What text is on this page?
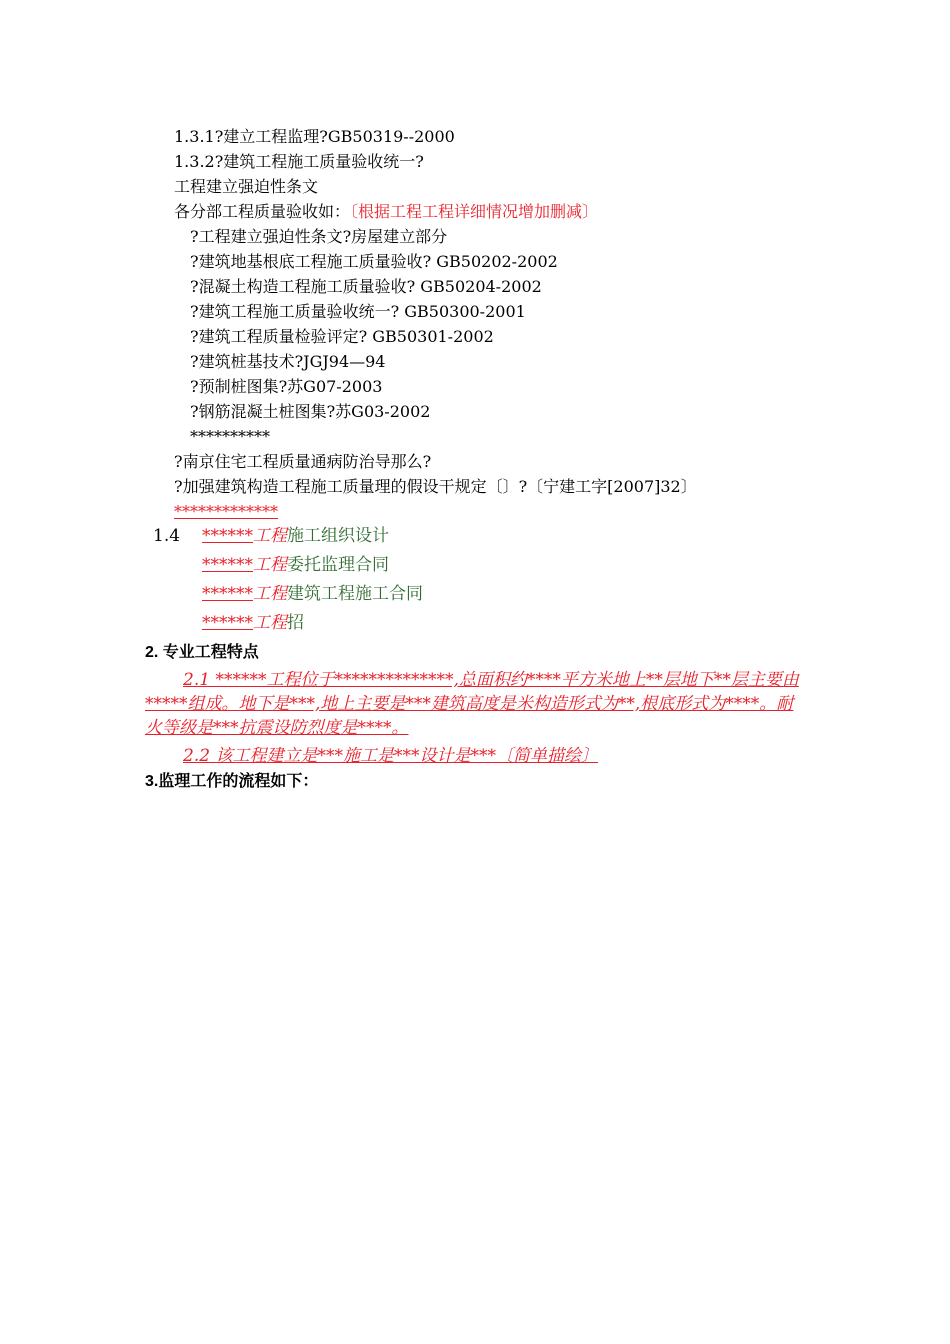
1.3.1?建立工程监理?GB50319--2000
1.3.2?建筑工程施工质量验收统一?
工程建立强迫性条文
各分部工程质量验收如：〔根据工程工程详细情况增加删减〕
?工程建立强迫性条文?房屋建立部分
?建筑地基根底工程施工质量验收? GB50202-2002
?混凝土构造工程施工质量验收? GB50204-2002
?建筑工程施工质量验收统一? GB50300-2001
?建筑工程质量检验评定? GB50301-2002
?建筑桩基技术?JGJ94—94
?预制桩图集?苏G07-2003
?钢筋混凝土桩图集?苏G03-2002
**********
?南京住宅工程质量通病防治导那么?
?加强建筑构造工程施工质量理的假设干规定〔〕?〔宁建工字[2007]32〕
*************
1.4 ******工程施工组织设计
******工程委托监理合同
******工程建筑工程施工合同
******工程招
2. 专业工程特点
2.1 ******工程位于**************,总面积约****平方米地上**层地下**层主要由*****组成。地下是***,地上主要是***建筑高度是米构造形式为**,根底形式为****。耐火等级是***抗震设防烈度是****。
2.2 该工程建立是***施工是***设计是***〔简单描绘〕
3.监理工作的流程如下：
